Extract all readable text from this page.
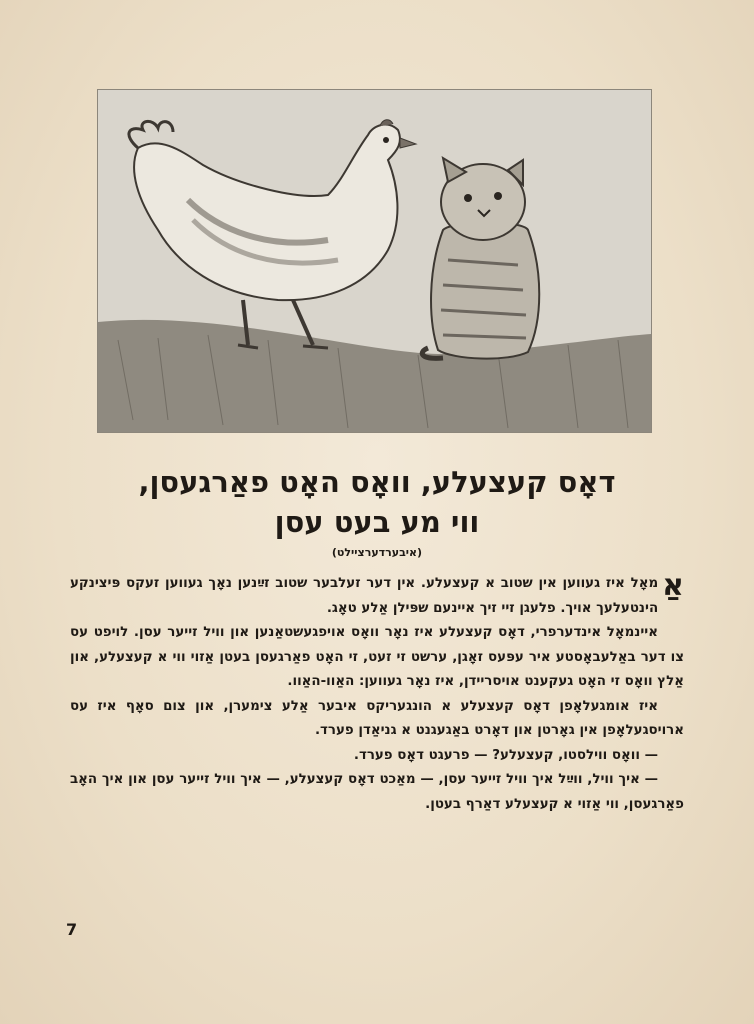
דאָס קעצעלע, וואָס האָט פאַרגעסן, ווי מע בעט עסן
(איבערדערציילט)

אַ
מאָל איז געווען אין שטוב א קעצעלע. אין דער זעלבער שטוב זײַנען נאָך געווען זעקס פּיצינקע הינטעלעך אויך. פלעגן זיי זיך איינעם שפּילן אַלע טאָג.

איינמאָל אינדערפרי, דאָס קעצעלע איז נאָר וואָס אויפגעשטאַנען און וויל זייער עסן. לויפט עס צו דער באַלעבאָסטע איר עפּעס זאָגן, ערשט זי זעט, זי האָט פאַרגעסן בעטן אַזוי ווי א קעצעלע, און אַלץ וואָס זי האָט געקענט אויסריידן, איז נאָר געווען: האַוו-האַוו.

איז אומגעלאָפן דאָס קעצעלע א הונגעריקס איבער אַלע צימערן, און צום סאָף איז עס ארויסגעלאָפן אין גאָרטן און דאָרט באַגעגנט א גניאַדן פערד.

— וואָס ווילסטו, קעצעלע? — פרעגט דאָס פערד.

— איך וויל, ווײַל איך וויל זייער עסן, — מאַכט דאָס קעצעלע, — איך וויל זייער עסן און איך האָב פאַרגעסן, ווי אַזוי א קעצעלע דאַרף בעטן.

7
